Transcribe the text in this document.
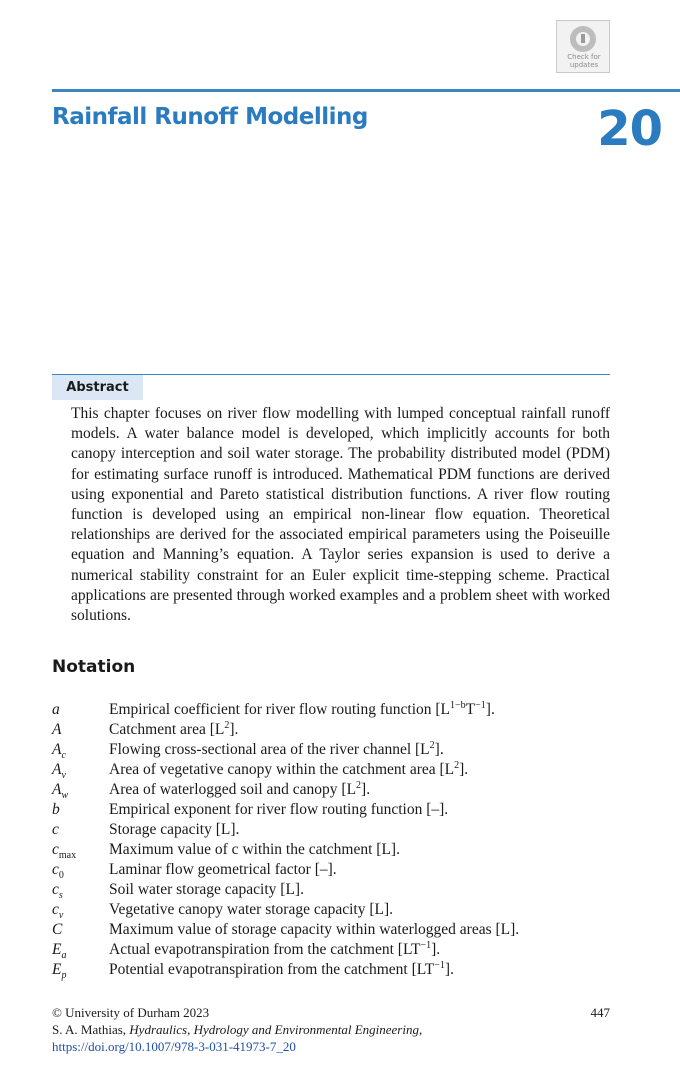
Check for
updates
Rainfall Runoff Modelling	20
Abstract

This chapter focuses on river flow modelling with lumped conceptual rainfall runoff models. A water balance model is developed, which implicitly accounts for both canopy interception and soil water storage. The probability distributed model (PDM) for estimating surface runoff is introduced. Mathematical PDM functions are derived using exponential and Pareto statistical distribution functions. A river flow routing function is developed using an empirical non-linear flow equation. Theoretical relationships are derived for the associated empirical parameters using the Poiseuille equation and Manning’s equation. A Taylor series expansion is used to derive a numerical stability constraint for an Euler explicit time-stepping scheme. Practical applications are presented through worked examples and a problem sheet with worked solutions.

Notation
a	Empirical coefficient for river flow routing function $[L^{1-b}T^{-1}]$.
A	Catchment area $[L^2]$.
$A_c$	Flowing cross-sectional area of the river channel $[L^2]$.
$A_v$	Area of vegetative canopy within the catchment area $[L^2]$.
$A_w$	Area of waterlogged soil and canopy $[L^2]$.
b	Empirical exponent for river flow routing function [–].
c	Storage capacity [L].
$c_{max}$ Maximum value of c within the catchment [L].
$c_0$	Laminar flow geometrical factor [–].
$c_s$	Soil water storage capacity [L].
$c_v$	Vegetative canopy water storage capacity [L].
C	Maximum value of storage capacity within waterlogged areas [L].
$E_a$	Actual evapotranspiration from the catchment $[LT^{-1}]$.
$E_p$	Potential evapotranspiration from the catchment $[LT^{-1}]$.
© University of Durham 2023
S. A. Mathias, Hydraulics, Hydrology and Environmental Engineering,
https://doi.org/10.1007/978-3-031-41973-7_20
447
